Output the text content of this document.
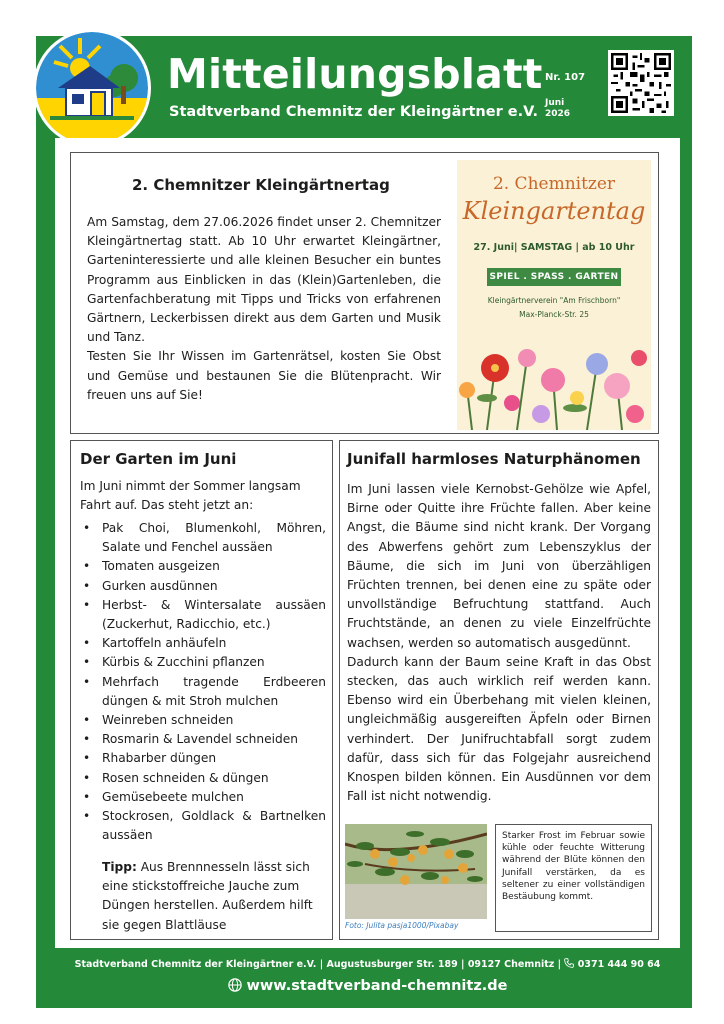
Mitteilungsblatt
Stadtverband Chemnitz der Kleingärtner e.V.
Nr. 107
Juni
2026
2. Chemnitzer Kleingärtnertag

Am Samstag, dem 27.06.2026 findet unser 2. Chemnitzer Kleingärtnertag statt. Ab 10 Uhr erwartet Kleingärtner, Garteninteressierte und alle kleinen Besucher ein buntes Programm aus Einblicken in das (Klein)Gartenleben, die Gartenfachberatung mit Tipps und Tricks von erfahrenen Gärtnern, Leckerbissen direkt aus dem Garten und Musik und Tanz.

Testen Sie Ihr Wissen im Gartenrätsel, kosten Sie Obst und Gemüse und bestaunen Sie die Blütenpracht. Wir freuen uns auf Sie!

2. Chemnitzer
Kleingartentag
27. Juni| SAMSTAG | ab 10 Uhr
SPIEL . SPASS . GARTEN
Kleingärtnerverein "Am Frischborn"
Max-Planck-Str. 25
Der Garten im Juni
Im Juni nimmt der Sommer langsam Fahrt auf. Das steht jetzt an:
• Pak Choi, Blumenkohl, Möhren, Salate und Fenchel aussäen
• Tomaten ausgeizen
• Gurken ausdünnen
• Herbst- & Wintersalate aussäen (Zuckerhut, Radicchio, etc.)
• Kartoffeln anhäufeln
• Kürbis & Zucchini pflanzen
• Mehrfach tragende Erdbeeren düngen & mit Stroh mulchen
• Weinreben schneiden
• Rosmarin & Lavendel schneiden
• Rhabarber düngen
• Rosen schneiden & düngen
• Gemüsebeete mulchen
• Stockrosen, Goldlack & Bartnelken aussäen
Tipp: Aus Brennnesseln lässt sich eine stickstoffreiche Jauche zum Düngen herstellen. Außerdem hilft sie gegen Blattläuse
Junifall harmloses Naturphänomen

Im Juni lassen viele Kernobst-Gehölze wie Apfel, Birne oder Quitte ihre Früchte fallen. Aber keine Angst, die Bäume sind nicht krank. Der Vorgang des Abwerfens gehört zum Lebenszyklus der Bäume, die sich im Juni von überzähligen Früchten trennen, bei denen eine zu späte oder unvollständige Befruchtung stattfand. Auch Fruchtstände, an denen zu viele Einzelfrüchte wachsen, werden so automatisch ausgedünnt.

Dadurch kann der Baum seine Kraft in das Obst stecken, das auch wirklich reif werden kann. Ebenso wird ein Überbehang mit vielen kleinen, ungleichmäßig ausgereiften Äpfeln oder Birnen verhindert. Der Junifruchtabfall sorgt zudem dafür, dass sich für das Folgejahr ausreichend Knospen bilden können. Ein Ausdünnen vor dem Fall ist nicht notwendig.

Foto: Julita pasja1000/Pixabay

Starker Frost im Februar sowie kühle oder feuchte Witterung während der Blüte können den Junifall verstärken, da es seltener zu einer vollständigen Bestäubung kommt.

Stadtverband Chemnitz der Kleingärtner e.V. | Augustusburger Str. 189 | 09127 Chemnitz |  0371 444 90 64
www.stadtverband-chemnitz.de
